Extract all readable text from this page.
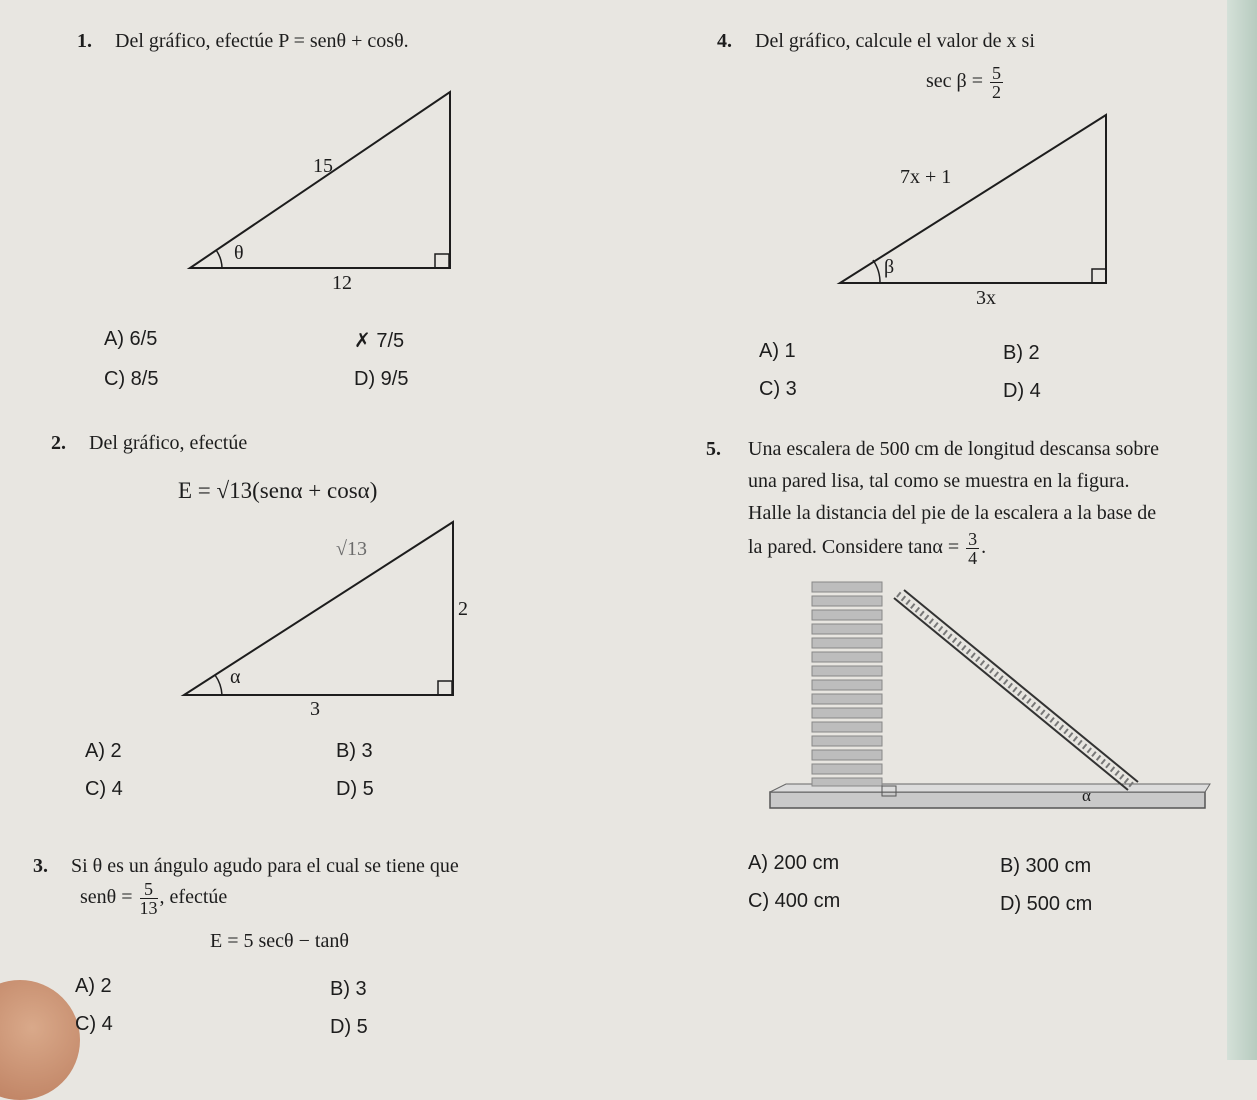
1. Del gráfico, efectúe P = senθ + cosθ.
15
12
θ
A) 6/5	✗ 7/5
C) 8/5	D) 9/5
2. Del gráfico, efectúe
E = √13(senα + cosα)
√13
2
3
α
A) 2	B) 3
C) 4	D) 5
3. Si θ es un ángulo agudo para el cual se tiene que
$sen\theta = \frac{5}{13}$ , efectúe
E = 5 secθ − tanθ
A) 2	B) 3
C) 4	D) 5
4. Del gráfico, calcule el valor de x si
$\sec \beta = \frac{5}{2}$
7x + 1
3x
β
A) 1	B) 2
C) 3	D) 4
5. Una escalera de 500 cm de longitud descansa sobre
una pared lisa, tal como se muestra en la figura.
Halle la distancia del pie de la escalera a la base de
la pared. Considere $\tan\alpha = \frac{3}{4}$ .
α
A) 200 cm	B) 300 cm
C) 400 cm	D) 500 cm
